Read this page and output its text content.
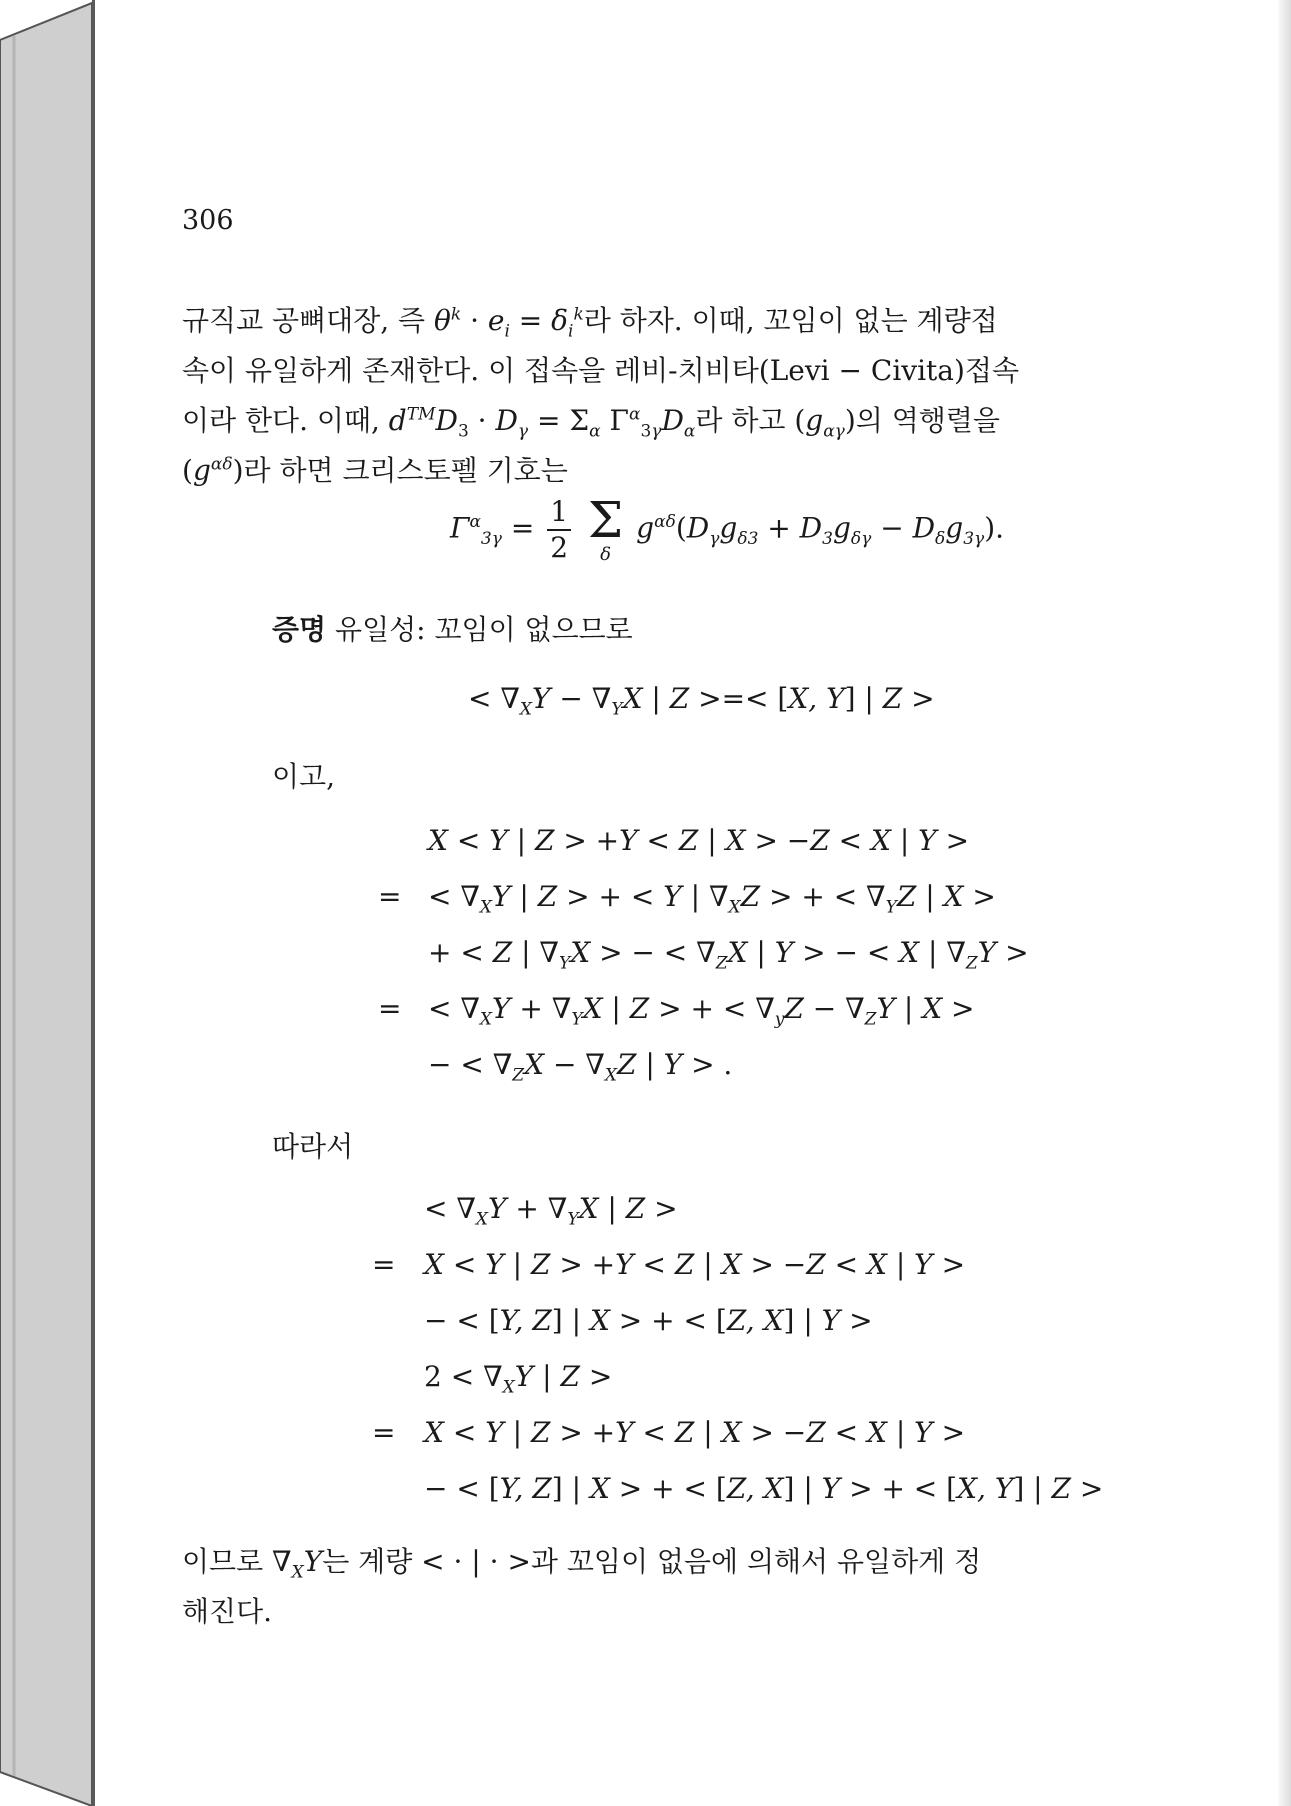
306
규직교 공뼈대장, 즉 $\theta^k \cdot e_i = \delta_i^k$라 하자. 이때, 꼬임이 없는 계량접
속이 유일하게 존재한다. 이 접속을 레비-치비타(Levi − Civita)접속
이라 한다. 이때, $d™D_3 \cdot D_\gamma = \Sigma_\alpha$ $\Gamma^\alpha_{3\gamma}D_\alpha$라 하고 $(g_{\alpha\gamma})$의 역행렬을
$(g^{\alpha\delta})$라 하면 크리스토펠 기호는
$\Gamma^\alpha_{3\gamma} = \frac{1}{2}$
Σ
δ
$g^{\alpha\delta}(D_\gamma g_{\delta 3} + D_3g_{\delta\gamma} - D_\delta g_{3\gamma})$.
증명 유일성: 꼬임이 없으므로
< $\nabla_XY - \nabla_YX$ | Z >=< [X, Y] | Z >
이고,
X < Y | Z > +Y < Z | X > −Z < X | Y >
= < $\nabla_XY$ | Z > + < Y | $\nabla_XZ$ > + < $\nabla_YZ$ | X >
+ < Z | $\nabla_YX$ > − < $\nabla_ZX$ | Y > − < X | $\nabla_ZY$ >
= < $\nabla_XY + \nabla_YX$ | Z > + < $\nabla_yZ - \nabla_ZY$ | X >
− < $\nabla_ZX - \nabla_XZ$ | Y > .
따라서
< $\nabla_XY + \nabla_YX$ | Z >
= X < Y | Z > +Y < Z | X > −Z < X | Y >
− < [Y, Z] | X > + < [Z, X] | Y >
$2 < \nabla_XY$ | Z >
= X < Y | Z > +Y < Z | X > −Z < X | Y >
− < [Y, Z] | X > + < [Z, X] | Y > + < [X, Y] | Z >
이므로 $\nabla_XY$는 계량 < · | · >과 꼬임이 없음에 의해서 유일하게 정
해진다.
